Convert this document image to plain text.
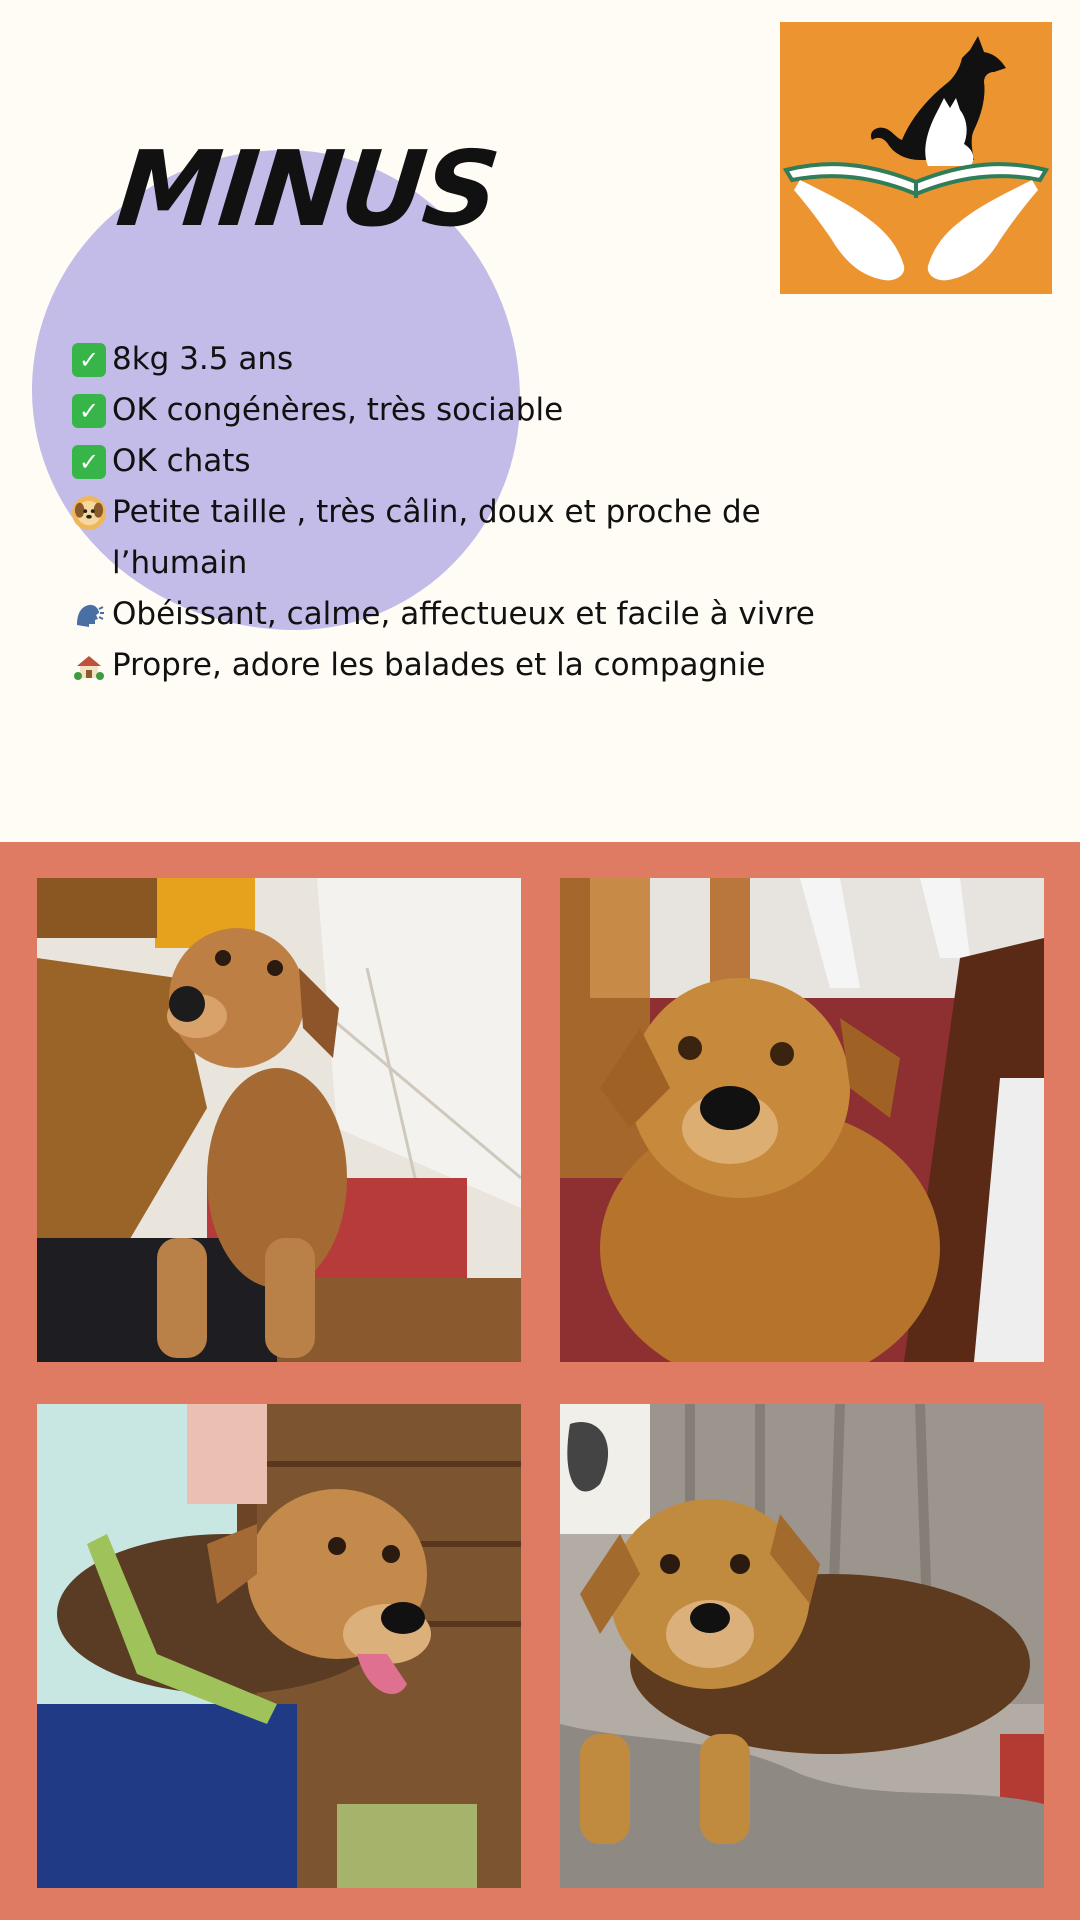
MINUS
✓ 8kg 3.5 ans
✓ OK congénères, très sociable
✓ OK chats
Petite taille , très câlin, doux et proche de l’humain
Obéissant, calme, affectueux et facile à vivre
Propre, adore les balades et la compagnie
